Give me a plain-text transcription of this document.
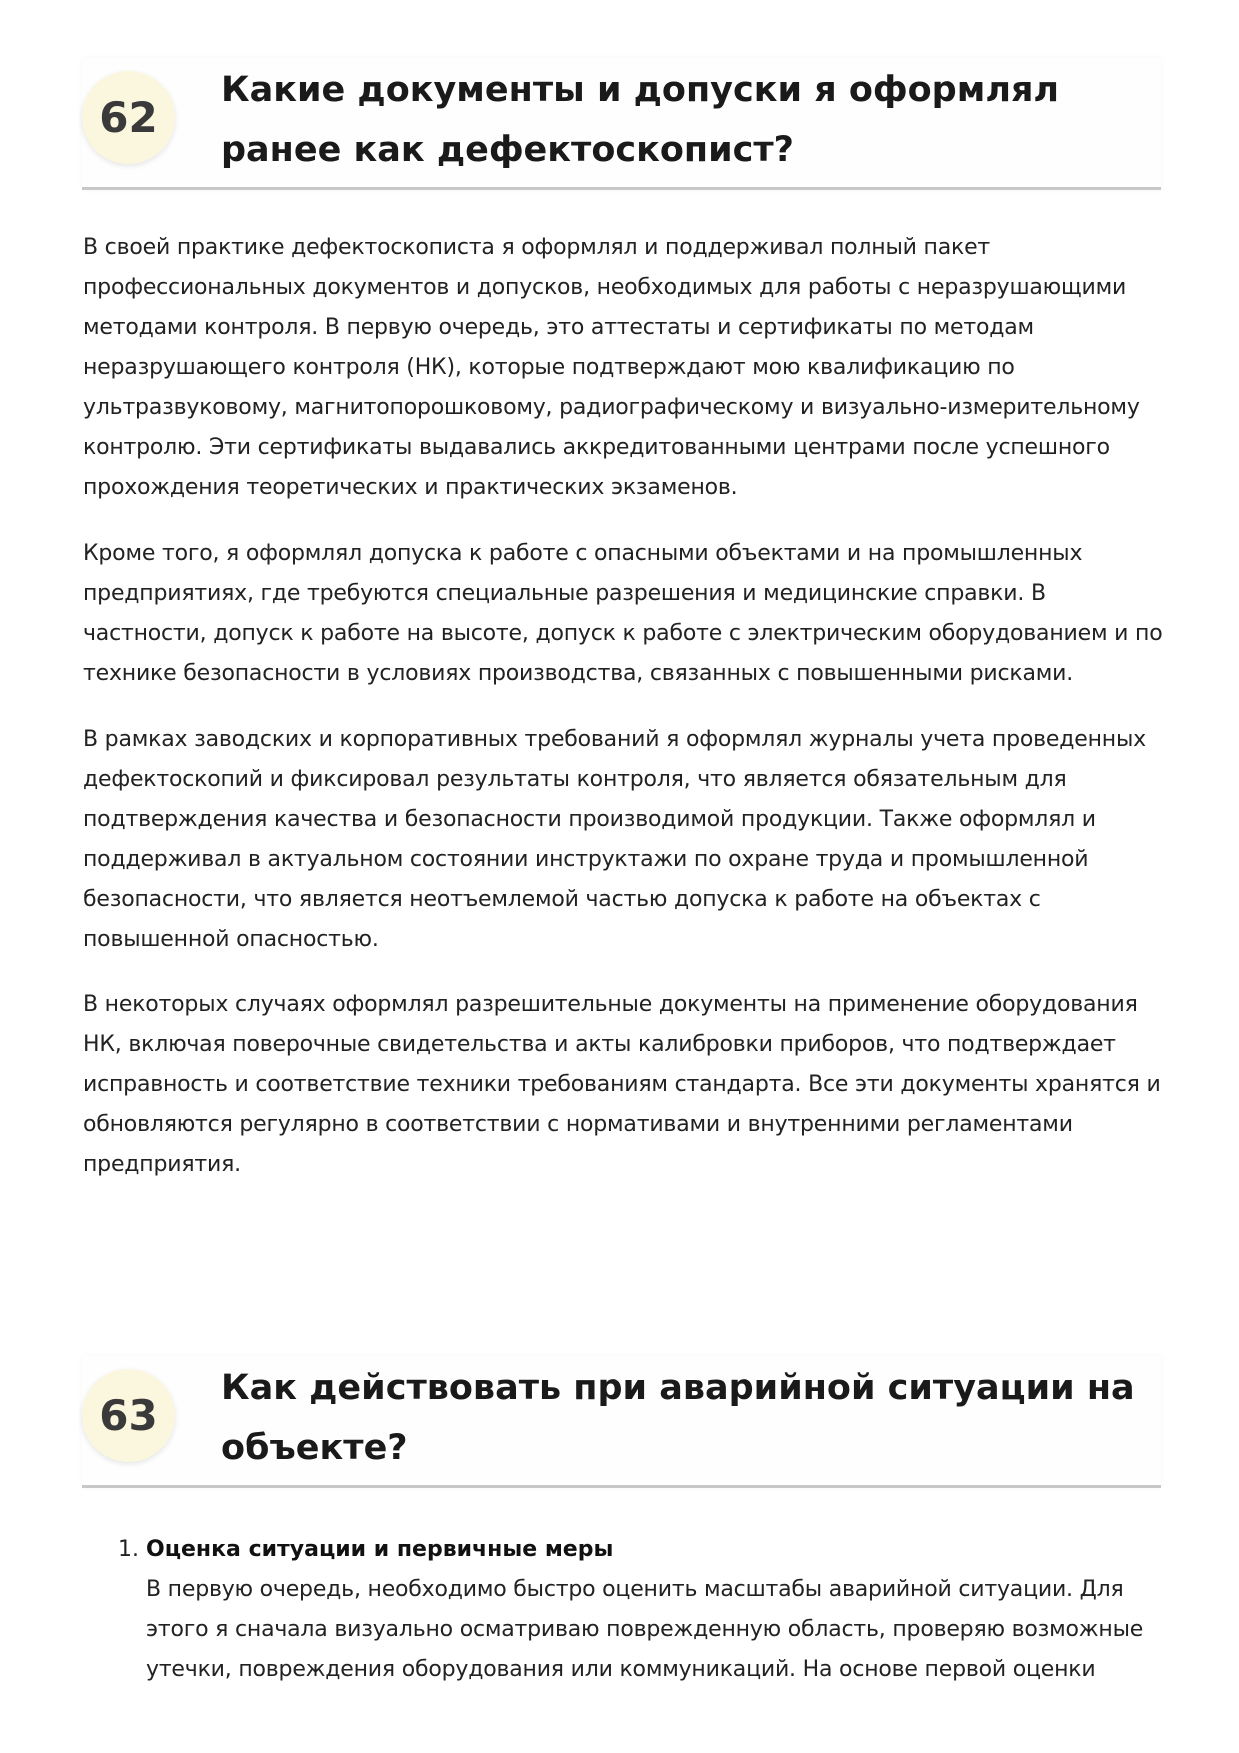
62
Какие документы и допуски я оформлял ранее как дефектоскопист?

В своей практике дефектоскописта я оформлял и поддерживал полный пакет профессиональных документов и допусков, необходимых для работы с неразрушающими методами контроля. В первую очередь, это аттестаты и сертификаты по методам неразрушающего контроля (НК), которые подтверждают мою квалификацию по ультразвуковому, магнитопорошковому, радиографическому и визуально-измерительному контролю. Эти сертификаты выдавались аккредитованными центрами после успешного прохождения теоретических и практических экзаменов.

Кроме того, я оформлял допуска к работе с опасными объектами и на промышленных предприятиях, где требуются специальные разрешения и медицинские справки. В частности, допуск к работе на высоте, допуск к работе с электрическим оборудованием и по технике безопасности в условиях производства, связанных с повышенными рисками.

В рамках заводских и корпоративных требований я оформлял журналы учета проведенных дефектоскопий и фиксировал результаты контроля, что является обязательным для подтверждения качества и безопасности производимой продукции. Также оформлял и поддерживал в актуальном состоянии инструктажи по охране труда и промышленной безопасности, что является неотъемлемой частью допуска к работе на объектах с повышенной опасностью.

В некоторых случаях оформлял разрешительные документы на применение оборудования НК, включая поверочные свидетельства и акты калибровки приборов, что подтверждает исправность и соответствие техники требованиям стандарта. Все эти документы хранятся и обновляются регулярно в соответствии с нормативами и внутренними регламентами предприятия.

63
Как действовать при аварийной ситуации на объекте?
1. Оценка ситуации и первичные меры
В первую очередь, необходимо быстро оценить масштабы аварийной ситуации. Для этого я сначала визуально осматриваю поврежденную область, проверяю возможные утечки, повреждения оборудования или коммуникаций. На основе первой оценки
